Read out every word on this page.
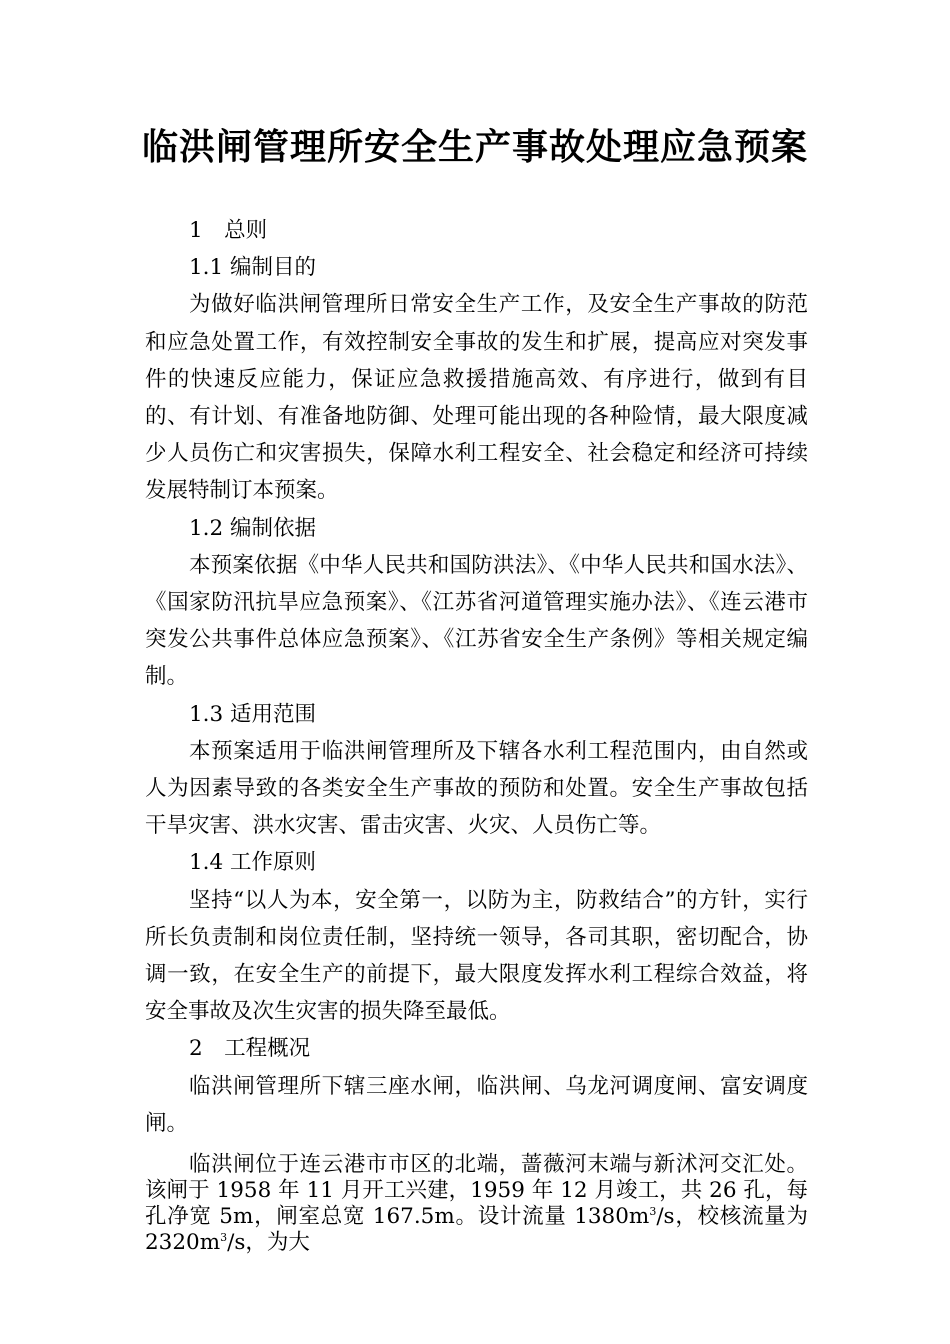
临洪闸管理所安全生产事故处理应急预案

1　总则

1.1 编制目的

为做好临洪闸管理所日常安全生产工作，及安全生产事故的防范和应急处置工作，有效控制安全事故的发生和扩展，提高应对突发事件的快速反应能力，保证应急救援措施高效、有序进行，做到有目的、有计划、有准备地防御、处理可能出现的各种险情，最大限度减少人员伤亡和灾害损失，保障水利工程安全、社会稳定和经济可持续发展特制订本预案。

1.2 编制依据

本预案依据《中华人民共和国防洪法》、《中华人民共和国水法》、《国家防汛抗旱应急预案》、《江苏省河道管理实施办法》、《连云港市突发公共事件总体应急预案》、《江苏省安全生产条例》等相关规定编制。

1.3 适用范围

本预案适用于临洪闸管理所及下辖各水利工程范围内，由自然或人为因素导致的各类安全生产事故的预防和处置。安全生产事故包括干旱灾害、洪水灾害、雷击灾害、火灾、人员伤亡等。

1.4 工作原则

坚持“以人为本，安全第一，以防为主，防救结合”的方针，实行所长负责制和岗位责任制，坚持统一领导，各司其职，密切配合，协调一致，在安全生产的前提下，最大限度发挥水利工程综合效益，将安全事故及次生灾害的损失降至最低。

2　工程概况

临洪闸管理所下辖三座水闸，临洪闸、乌龙河调度闸、富安调度闸。

临洪闸位于连云港市市区的北端，蔷薇河末端与新沭河交汇处。该闸于 1958 年 11 月开工兴建，1959 年 12 月竣工，共 26 孔，每孔净宽 5m，闸室总宽 167.5m。设计流量 $1380m^3/s$，校核流量为 $2320m^3/s$，为大
